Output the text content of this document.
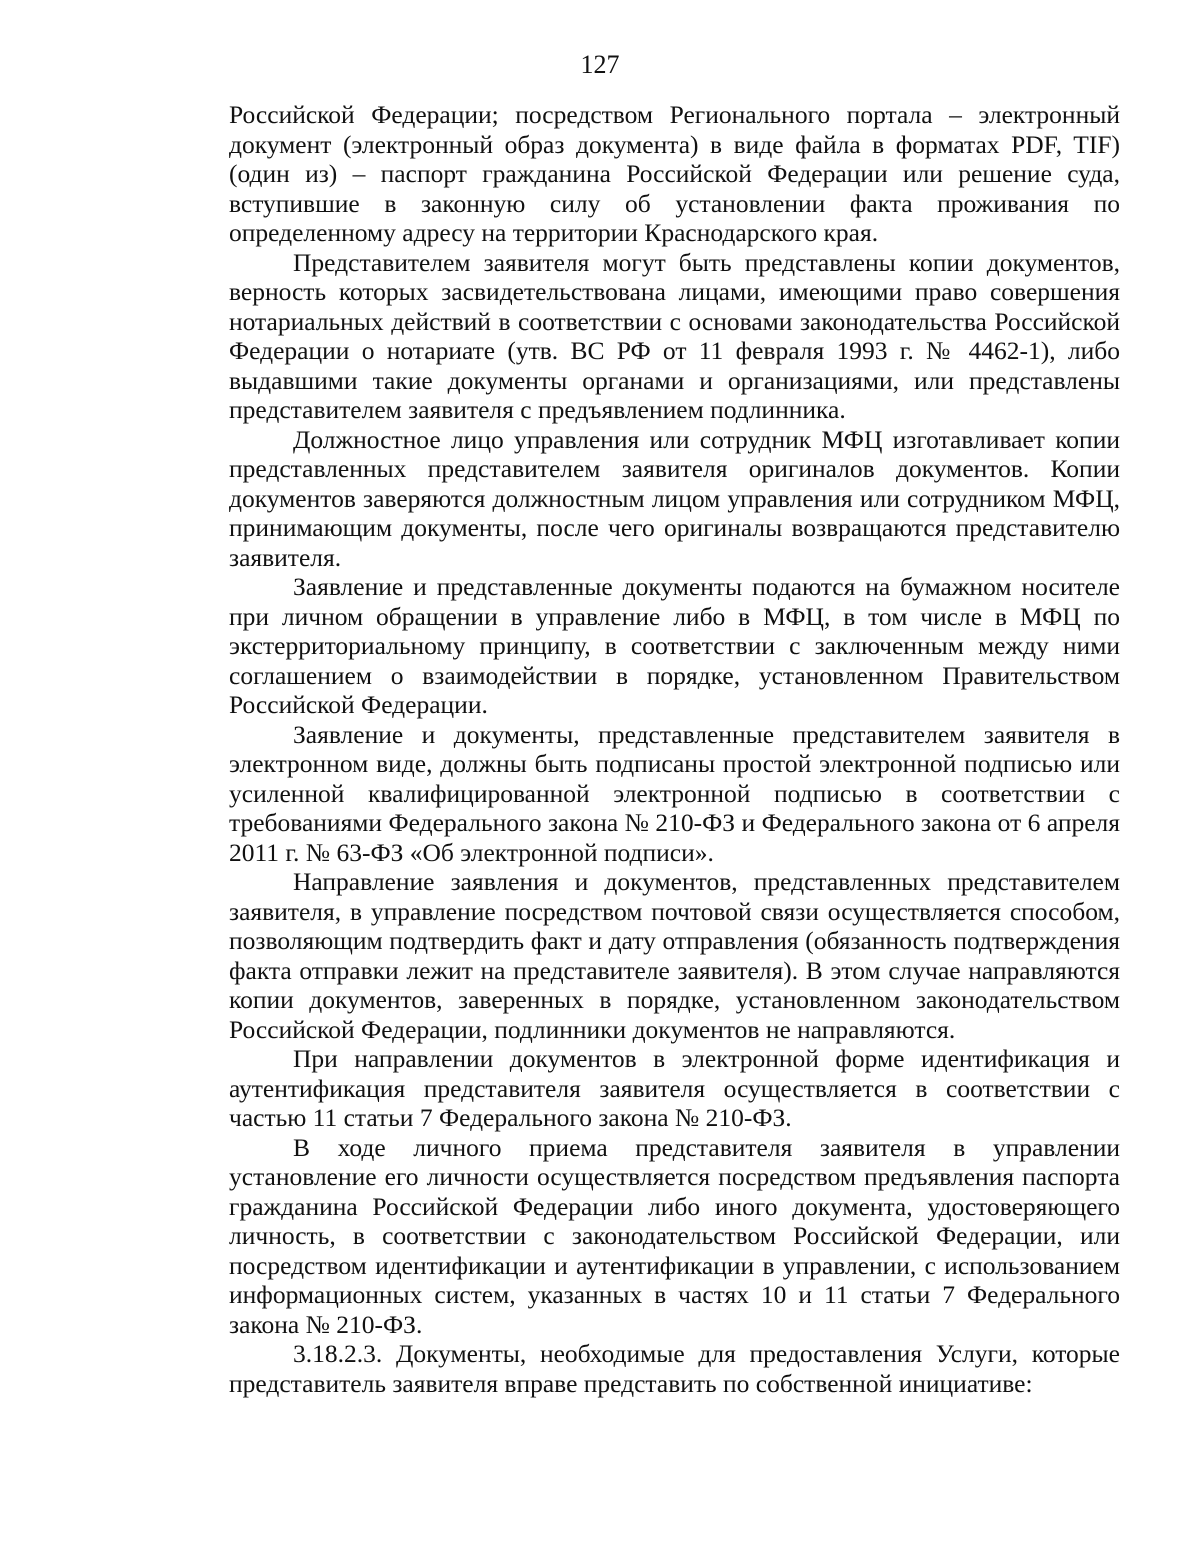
127

Российской Федерации; посредством Регионального портала – электронный документ (электронный образ документа) в виде файла в форматах PDF, TIF) (один из) – паспорт гражданина Российской Федерации или решение суда, вступившие в законную силу об установлении факта проживания по определенному адресу на территории Краснодарского края.

Представителем заявителя могут быть представлены копии документов, верность которых засвидетельствована лицами, имеющими право совершения нотариальных действий в соответствии с основами законодательства Российской Федерации о нотариате (утв. ВС РФ от 11 февраля 1993 г. № 4462-1), либо выдавшими такие документы органами и организациями, или представлены представителем заявителя с предъявлением подлинника.

Должностное лицо управления или сотрудник МФЦ изготавливает копии представленных представителем заявителя оригиналов документов. Копии документов заверяются должностным лицом управления или сотрудником МФЦ, принимающим документы, после чего оригиналы возвращаются представителю заявителя.

Заявление и представленные документы подаются на бумажном носителе при личном обращении в управление либо в МФЦ, в том числе в МФЦ по экстерриториальному принципу, в соответствии с заключенным между ними соглашением о взаимодействии в порядке, установленном Правительством Российской Федерации.

Заявление и документы, представленные представителем заявителя в электронном виде, должны быть подписаны простой электронной подписью или усиленной квалифицированной электронной подписью в соответствии с требованиями Федерального закона № 210-ФЗ и Федерального закона от 6 апреля 2011 г. № 63-ФЗ «Об электронной подписи».

Направление заявления и документов, представленных представителем заявителя, в управление посредством почтовой связи осуществляется способом, позволяющим подтвердить факт и дату отправления (обязанность подтверждения факта отправки лежит на представителе заявителя). В этом случае направляются копии документов, заверенных в порядке, установленном законодательством Российской Федерации, подлинники документов не направляются.

При направлении документов в электронной форме идентификация и аутентификация представителя заявителя осуществляется в соответствии с частью 11 статьи 7 Федерального закона № 210-ФЗ.

В ходе личного приема представителя заявителя в управлении установление его личности осуществляется посредством предъявления паспорта гражданина Российской Федерации либо иного документа, удостоверяющего личность, в соответствии с законодательством Российской Федерации, или посредством идентификации и аутентификации в управлении, с использованием информационных систем, указанных в частях 10 и 11 статьи 7 Федерального закона № 210-ФЗ.

3.18.2.3. Документы, необходимые для предоставления Услуги, которые представитель заявителя вправе представить по собственной инициативе:
